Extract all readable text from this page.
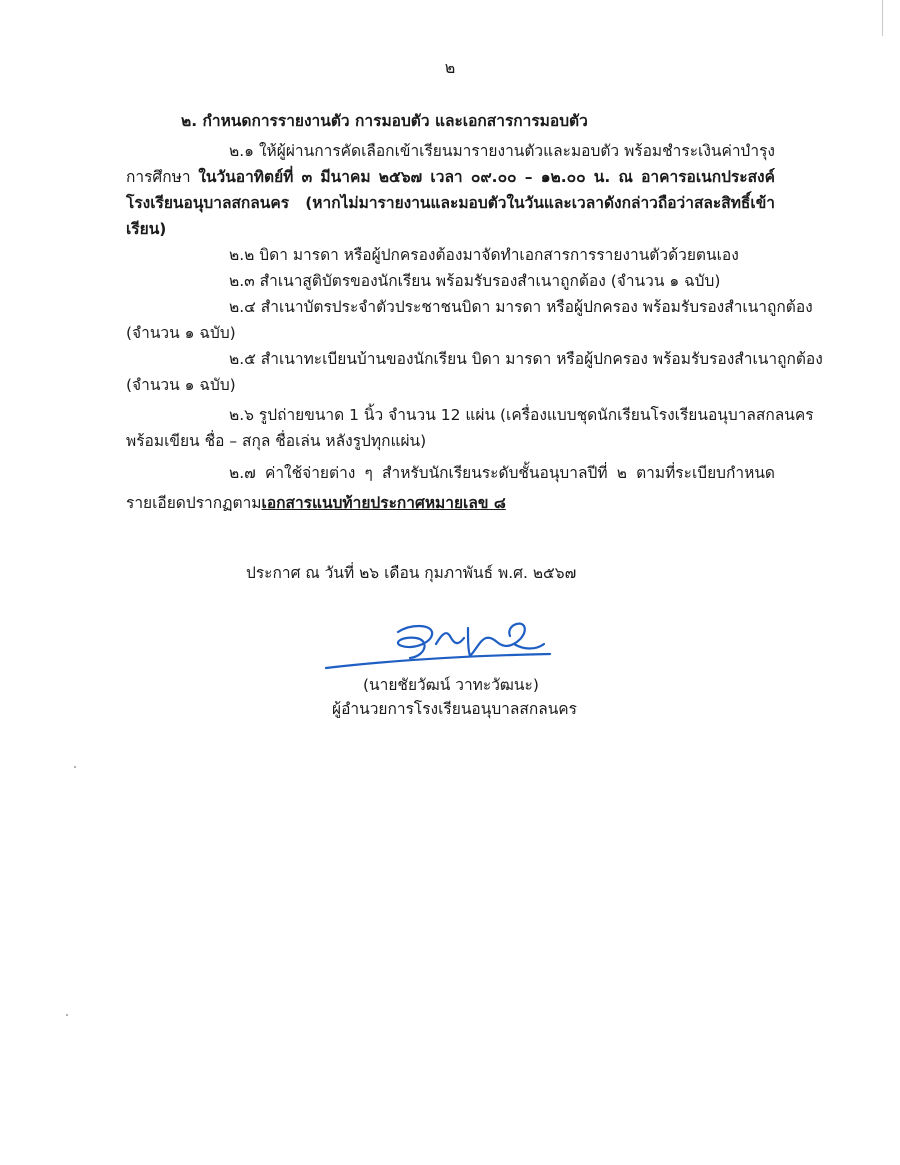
๒
๒. กำหนดการรายงานตัว การมอบตัว และเอกสารการมอบตัว
๒.๑ ให้ผู้ผ่านการคัดเลือกเข้าเรียนมารายงานตัวและมอบตัว พร้อมชำระเงินค่าบำรุง
การศึกษา ในวันอาทิตย์ที่ ๓ มีนาคม ๒๕๖๗ เวลา ๐๙.๐๐ – ๑๒.๐๐ น. ณ อาคารอเนกประสงค์
โรงเรียนอนุบาลสกลนคร (หากไม่มารายงานและมอบตัวในวันและเวลาดังกล่าวถือว่าสละสิทธิ์เข้า
เรียน)
๒.๒ บิดา มารดา หรือผู้ปกครองต้องมาจัดทำเอกสารการรายงานตัวด้วยตนเอง
๒.๓ สำเนาสูติบัตรของนักเรียน พร้อมรับรองสำเนาถูกต้อง (จำนวน ๑ ฉบับ)
๒.๔ สำเนาบัตรประจำตัวประชาชนบิดา มารดา หรือผู้ปกครอง พร้อมรับรองสำเนาถูกต้อง
(จำนวน ๑ ฉบับ)
๒.๕ สำเนาทะเบียนบ้านของนักเรียน บิดา มารดา หรือผู้ปกครอง พร้อมรับรองสำเนาถูกต้อง
(จำนวน ๑ ฉบับ)
๒.๖ รูปถ่ายขนาด 1 นิ้ว จำนวน 12 แผ่น (เครื่องแบบชุดนักเรียนโรงเรียนอนุบาลสกลนคร
พร้อมเขียน ชื่อ – สกุล ชื่อเล่น หลังรูปทุกแผ่น)
๒.๗ ค่าใช้จ่ายต่าง ๆ สำหรับนักเรียนระดับชั้นอนุบาลปีที่ ๒ ตามที่ระเบียบกำหนด
รายเอียดปรากฏตามเอกสารแนบท้ายประกาศหมายเลข ๘
ประกาศ ณ วันที่ ๒๖ เดือน กุมภาพันธ์ พ.ศ. ๒๕๖๗
(นายชัยวัฒน์ วาทะวัฒนะ)
ผู้อำนวยการโรงเรียนอนุบาลสกลนคร
